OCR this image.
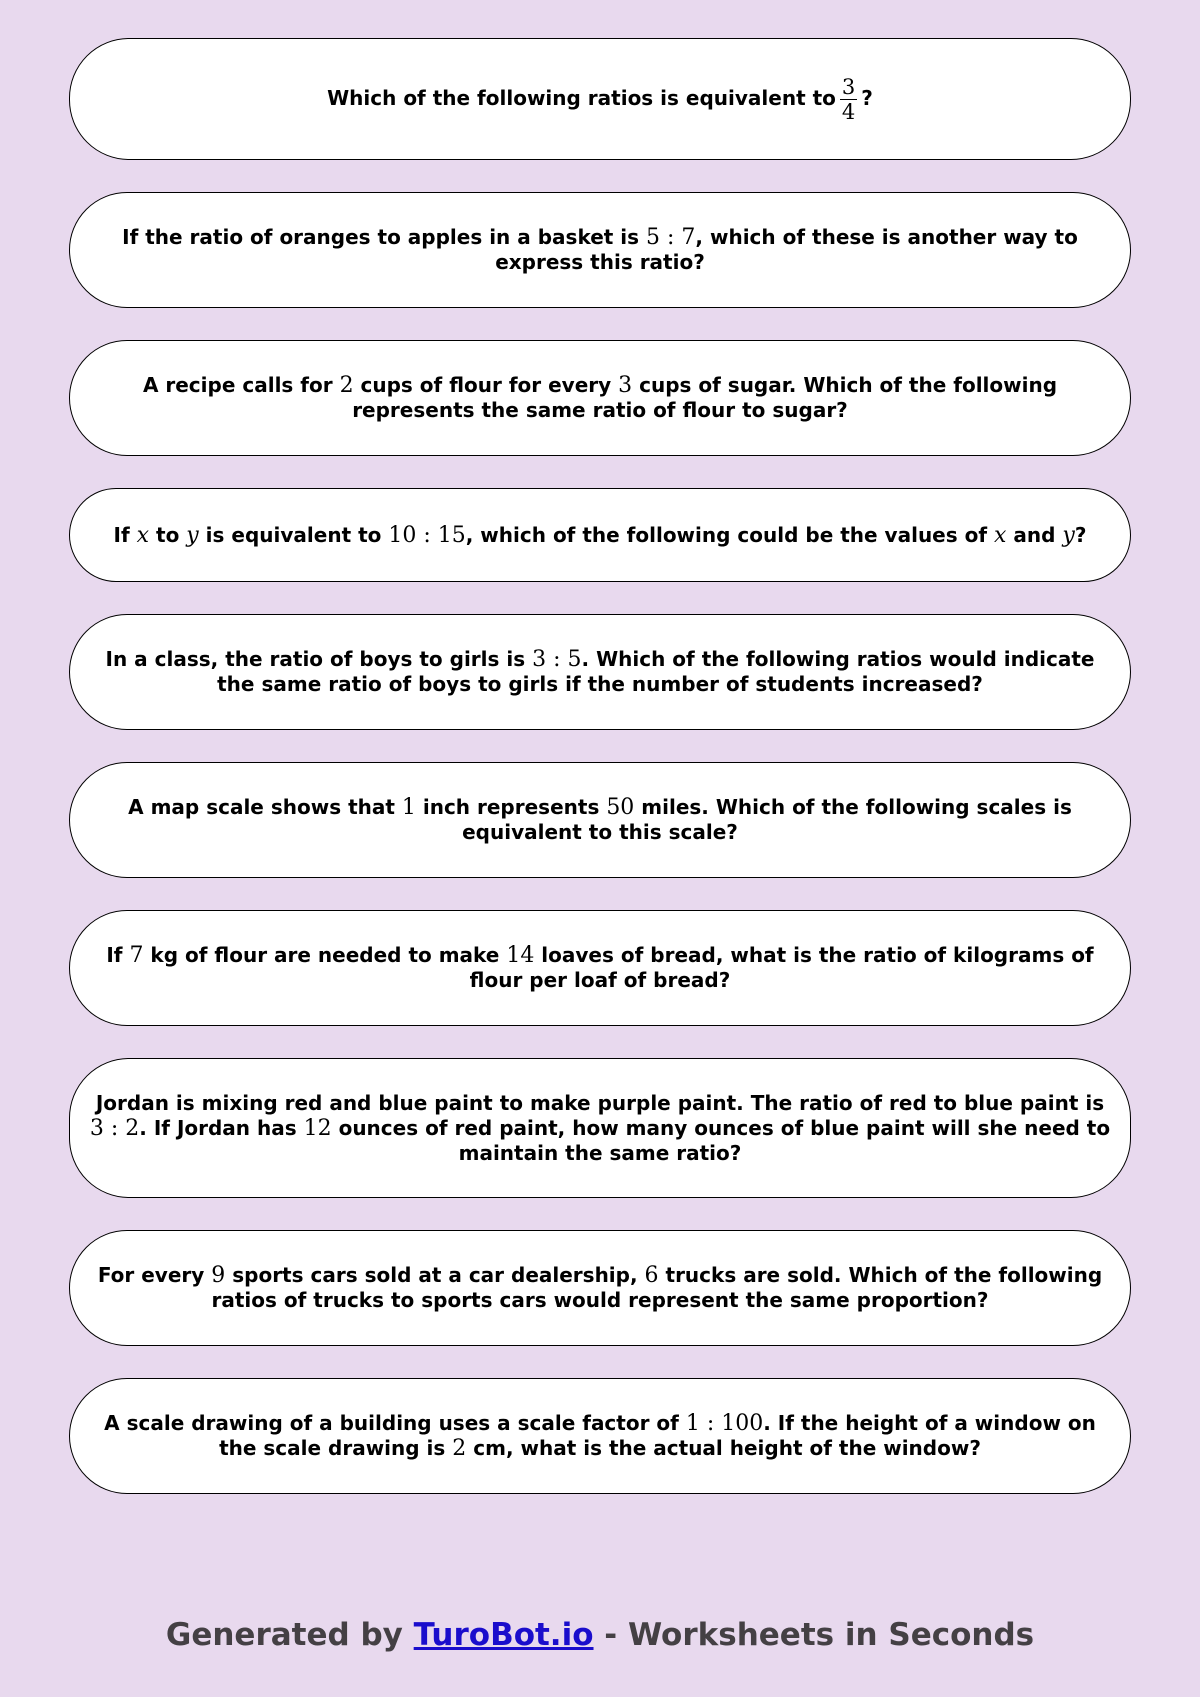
Which of the following ratios is equivalent to $\frac{3}{4}$ ?
If the ratio of oranges to apples in a basket is 5 : 7, which of these is another way to express this ratio?
A recipe calls for 2 cups of flour for every 3 cups of sugar. Which of the following represents the same ratio of flour to sugar?
If x to y is equivalent to 10 : 15, which of the following could be the values of x and y?
In a class, the ratio of boys to girls is 3 : 5. Which of the following ratios would indicate the same ratio of boys to girls if the number of students increased?
A map scale shows that 1 inch represents 50 miles. Which of the following scales is equivalent to this scale?
If 7 kg of flour are needed to make 14 loaves of bread, what is the ratio of kilograms of flour per loaf of bread?
Jordan is mixing red and blue paint to make purple paint. The ratio of red to blue paint is 3 : 2. If Jordan has 12 ounces of red paint, how many ounces of blue paint will she need to maintain the same ratio?
For every 9 sports cars sold at a car dealership, 6 trucks are sold. Which of the following ratios of trucks to sports cars would represent the same proportion?
A scale drawing of a building uses a scale factor of 1 : 100. If the height of a window on the scale drawing is 2 cm, what is the actual height of the window?
Generated by TuroBot.io - Worksheets in Seconds
